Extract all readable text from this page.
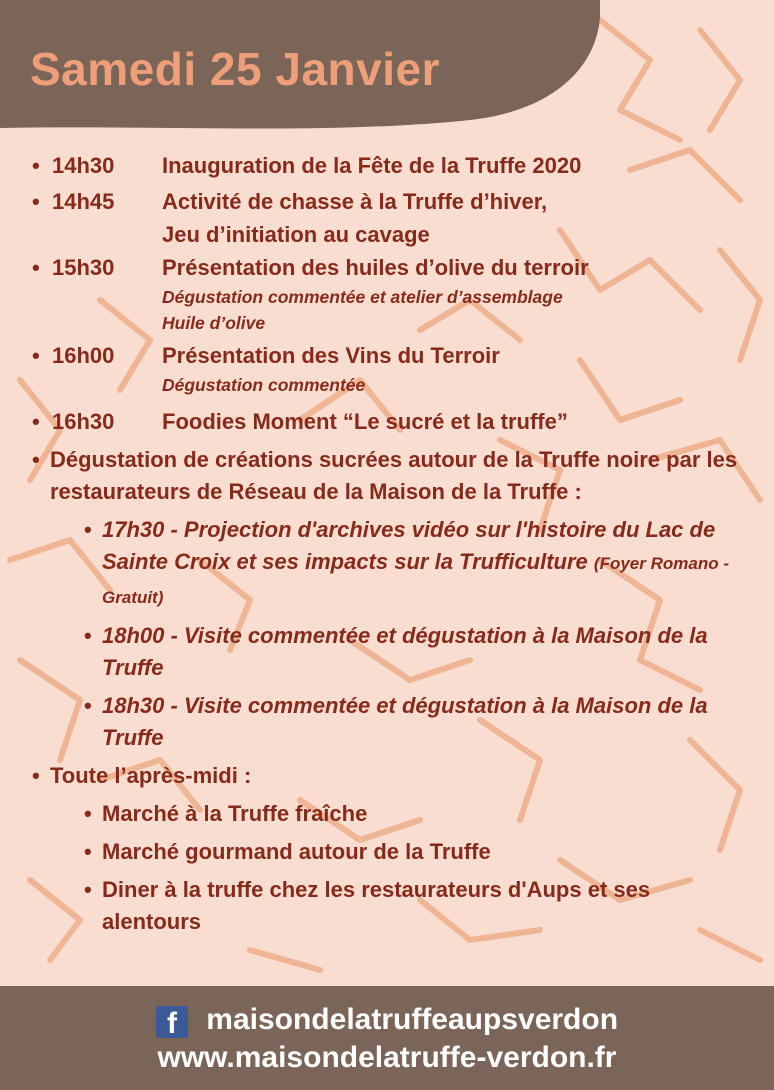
Samedi 25 Janvier
• 14h30 Inauguration de la Fête de la Truffe 2020
• 14h45 Activité de chasse à la Truffe d’hiver,
Jeu d’initiation au cavage
• 15h30 Présentation des huiles d’olive du terroir
Dégustation commentée et atelier d’assemblage
Huile d’olive
• 16h00 Présentation des Vins du Terroir
Dégustation commentée
• 16h30 Foodies Moment “Le sucré et la truffe”
• Dégustation de créations sucrées autour de la Truffe noire par les restaurateurs de Réseau de la Maison de la Truffe :
• 17h30 - Projection d'archives vidéo sur l'histoire du Lac de Sainte Croix et ses impacts sur la Trufficulture (Foyer Romano - Gratuit)
• 18h00 - Visite commentée et dégustation à la Maison de la Truffe
• 18h30 - Visite commentée et dégustation à la Maison de la Truffe
• Toute l’après-midi :
• Marché à la Truffe fraîche
• Marché gourmand autour de la Truffe
• Diner à la truffe chez les restaurateurs d'Aups et ses alentours
f maisondelatruffeaupsverdon
www.maisondelatruffe-verdon.fr
